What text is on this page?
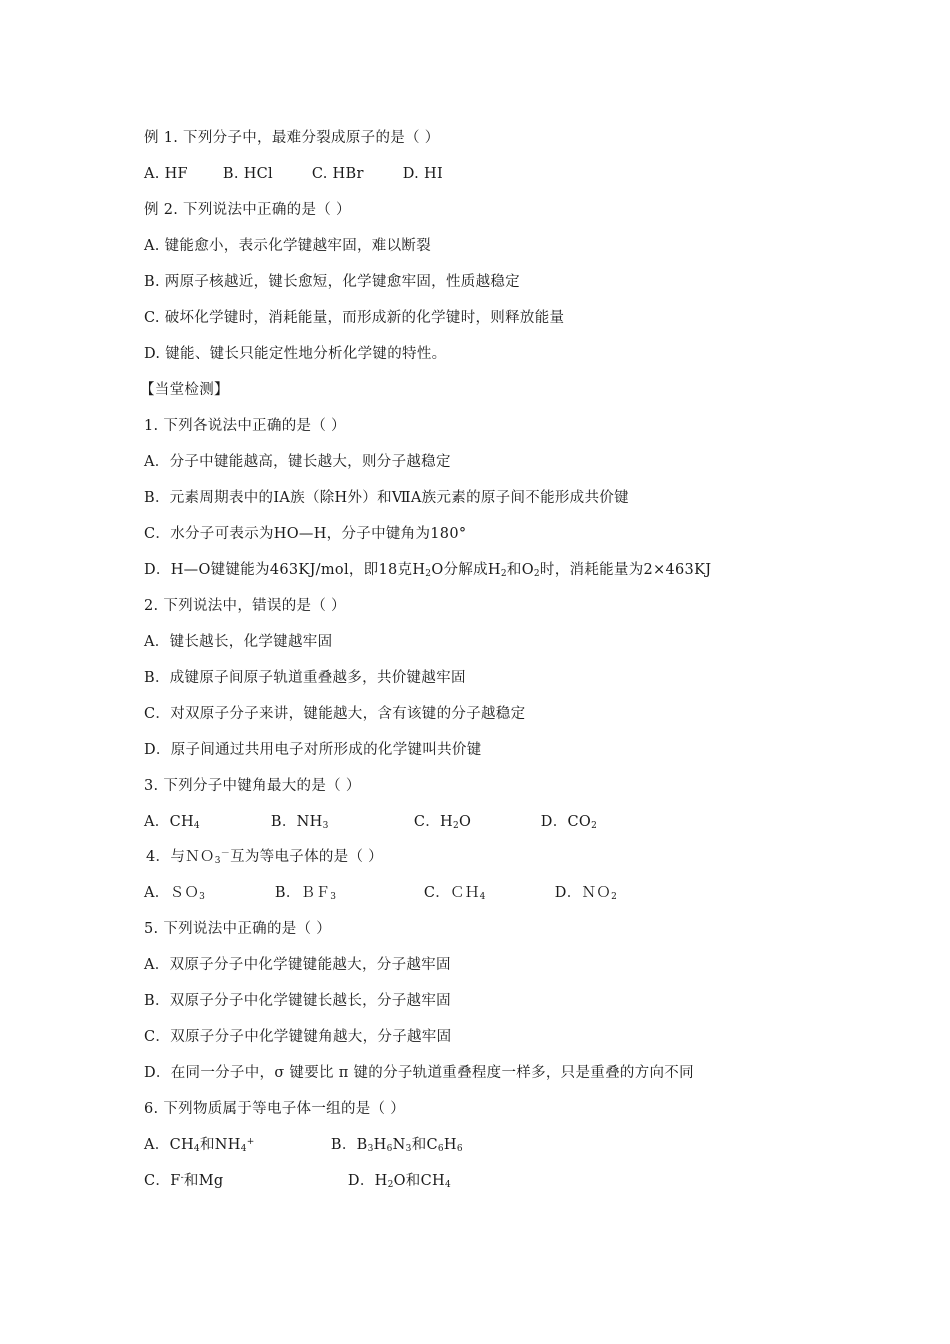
例 1. 下列分子中，最难分裂成原子的是（ ）
A. HF B. HCl	C. HBr	D. HI
例 2. 下列说法中正确的是（ ）
A. 键能愈小，表示化学键越牢固，难以断裂
B. 两原子核越近，键长愈短，化学键愈牢固，性质越稳定
C. 破坏化学键时，消耗能量，而形成新的化学键时，则释放能量
D. 键能、键长只能定性地分析化学键的特性。
【当堂检测】
1. 下列各说法中正确的是（ ）
A．分子中键能越高，键长越大，则分子越稳定
B．元素周期表中的ⅠA族（除H外）和ⅦA族元素的原子间不能形成共价键
C．水分子可表示为HO—H，分子中键角为180°
D．H—O键键能为463KJ/mol，即18克$H_2O$分解成$H_2$和$O_2$时，消耗能量为2×463KJ
2. 下列说法中，错误的是（ ）
A．键长越长，化学键越牢固
B．成键原子间原子轨道重叠越多，共价键越牢固
C．对双原子分子来讲，键能越大，含有该键的分子越稳定
D．原子间通过共用电子对所形成的化学键叫共价键
3. 下列分子中键角最大的是（ ）
A．$CH_4$	B．$NH_3$	C．$H_2O$	D．$CO_2$
4．与ＮＯ$_3$－互为等电子体的是（ ）
A．ＳＯ$_3$	B．ＢＦ$_3$	C．ＣＨ$_4$	D．ＮＯ$_2$
5. 下列说法中正确的是（ ）
A．双原子分子中化学键键能越大，分子越牢固
B．双原子分子中化学键键长越长，分子越牢固
C．双原子分子中化学键键角越大，分子越牢固
D．在同一分子中，σ 键要比 π 键的分子轨道重叠程度一样多，只是重叠的方向不同
6. 下列物质属于等电子体一组的是（ ）
A．$CH_4$和$NH_4^+$	B．$B_3H_6N_3$和$C_6H_6$
C．F-和Mg	D．$H_2O$和$CH_4$
